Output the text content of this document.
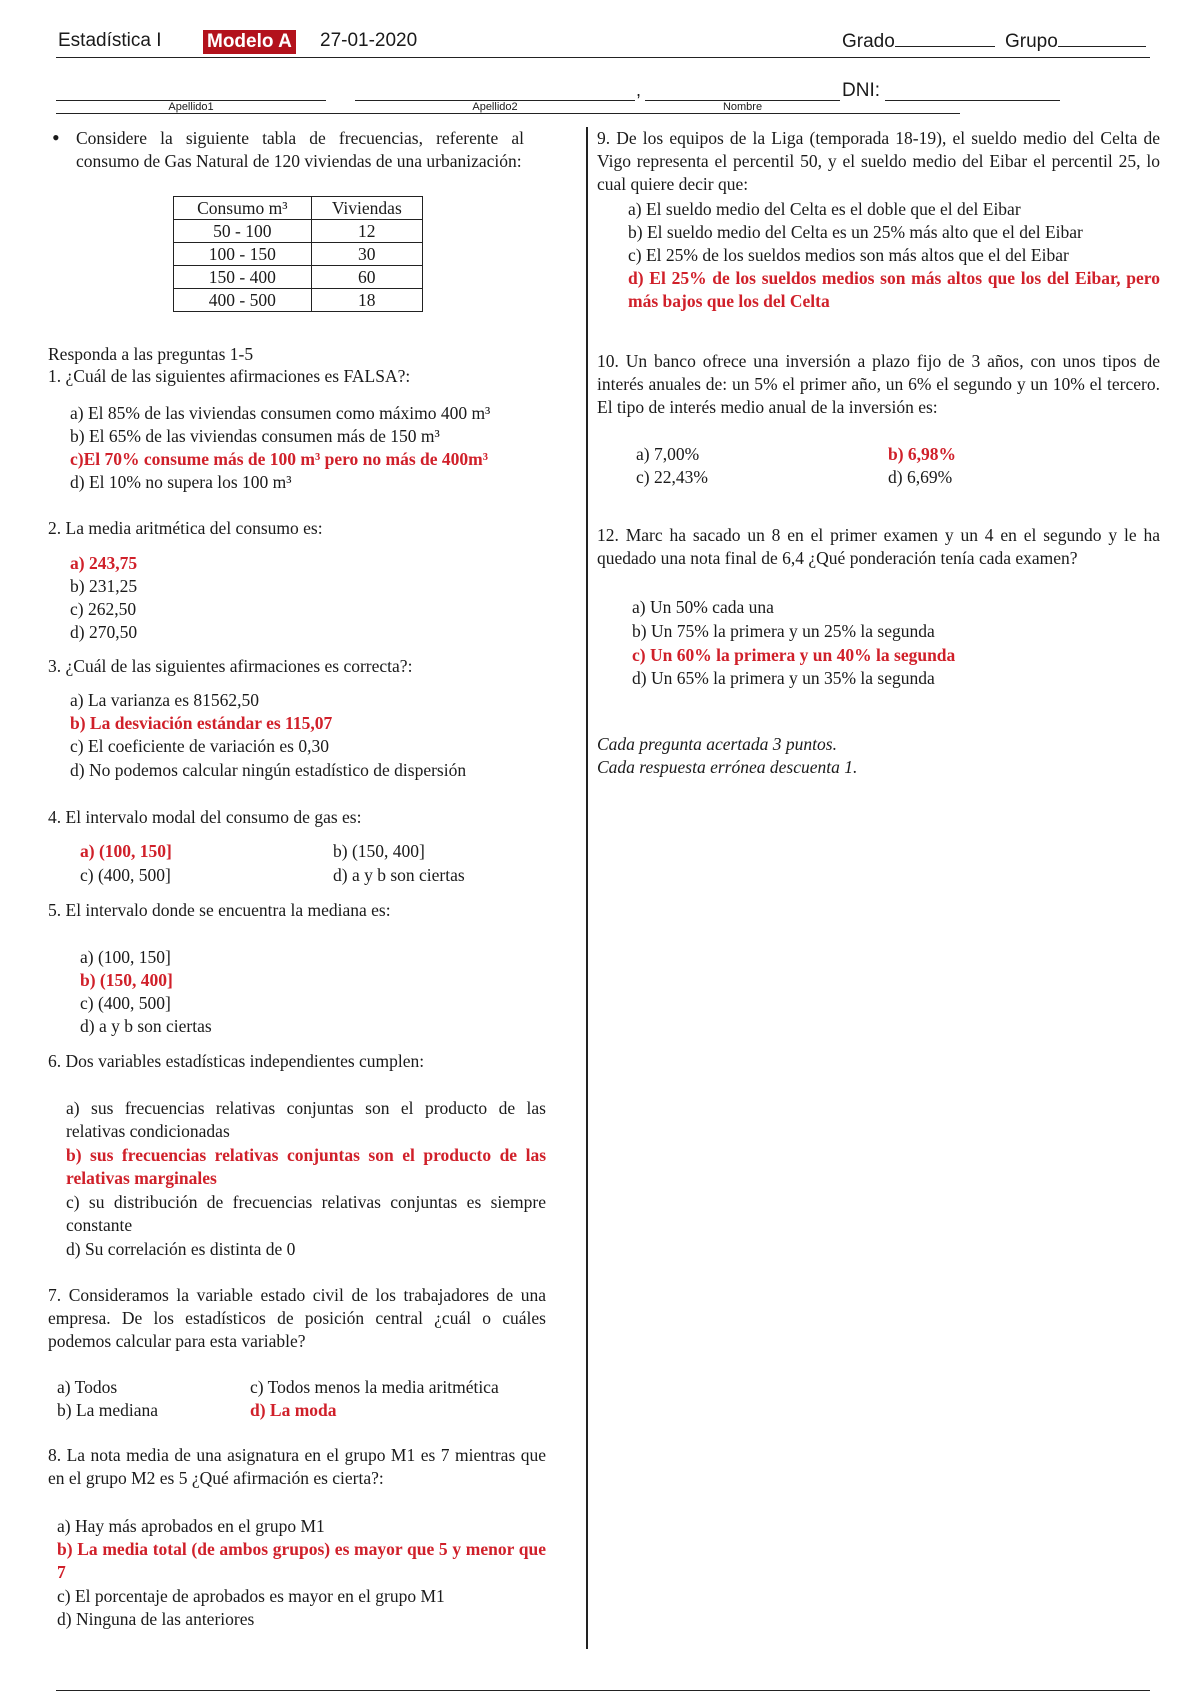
Estadística I Modelo A 27-01-2020	Grado	Grupo
,	DNI:
Apellido1	Apellido2	Nombre
• Considere la siguiente tabla de frecuencias, referente al consumo de Gas Natural de 120 viviendas de una urbanización:
Consumo m³	Viviendas
50 - 100	12
100 - 150	30
150 - 400	60
400 - 500	18
Responda a las preguntas 1-5
1. ¿Cuál de las siguientes afirmaciones es FALSA?:
a) El 85% de las viviendas consumen como máximo 400 m³
b) El 65% de las viviendas consumen más de 150 m³
c)El 70% consume más de 100 m³ pero no más de 400m³
d) El 10% no supera los 100 m³
2. La media aritmética del consumo es:
a) 243,75
b) 231,25
c) 262,50
d) 270,50
3. ¿Cuál de las siguientes afirmaciones es correcta?:
a) La varianza es 81562,50
b) La desviación estándar es 115,07
c) El coeficiente de variación es 0,30
d) No podemos calcular ningún estadístico de dispersión
4. El intervalo modal del consumo de gas es:
a) (100, 150]	b) (150, 400]
c) (400, 500]	d) a y b son ciertas
5. El intervalo donde se encuentra la mediana es:
a) (100, 150]
b) (150, 400]
c) (400, 500]
d) a y b son ciertas
6. Dos variables estadísticas independientes cumplen:
a) sus frecuencias relativas conjuntas son el producto de las relativas condicionadas
b) sus frecuencias relativas conjuntas son el producto de las relativas marginales
c) su distribución de frecuencias relativas conjuntas es siempre constante
d) Su correlación es distinta de 0
7. Consideramos la variable estado civil de los trabajadores de una empresa. De los estadísticos de posición central ¿cuál o cuáles podemos calcular para esta variable?
a) Todos
b) La mediana
c) Todos menos la media aritmética
d) La moda
8. La nota media de una asignatura en el grupo M1 es 7 mientras que en el grupo M2 es 5 ¿Qué afirmación es cierta?:
a) Hay más aprobados en el grupo M1
b) La media total (de ambos grupos) es mayor que 5 y menor que 7
c) El porcentaje de aprobados es mayor en el grupo M1
d) Ninguna de las anteriores
9. De los equipos de la Liga (temporada 18-19), el sueldo medio del Celta de Vigo representa el percentil 50, y el sueldo medio del Eibar el percentil 25, lo cual quiere decir que:
a) El sueldo medio del Celta es el doble que el del Eibar
b) El sueldo medio del Celta es un 25% más alto que el del Eibar
c) El 25% de los sueldos medios son más altos que el del Eibar
d) El 25% de los sueldos medios son más altos que los del Eibar, pero más bajos que los del Celta
10. Un banco ofrece una inversión a plazo fijo de 3 años, con unos tipos de interés anuales de: un 5% el primer año, un 6% el segundo y un 10% el tercero. El tipo de interés medio anual de la inversión es:
a) 7,00%	b) 6,98%
c) 22,43%	d) 6,69%
12. Marc ha sacado un 8 en el primer examen y un 4 en el segundo y le ha quedado una nota final de 6,4 ¿Qué ponderación tenía cada examen?
a) Un 50% cada una
b) Un 75% la primera y un 25% la segunda
c) Un 60% la primera y un 40% la segunda
d) Un 65% la primera y un 35% la segunda
Cada pregunta acertada 3 puntos.
Cada respuesta errónea descuenta 1.
